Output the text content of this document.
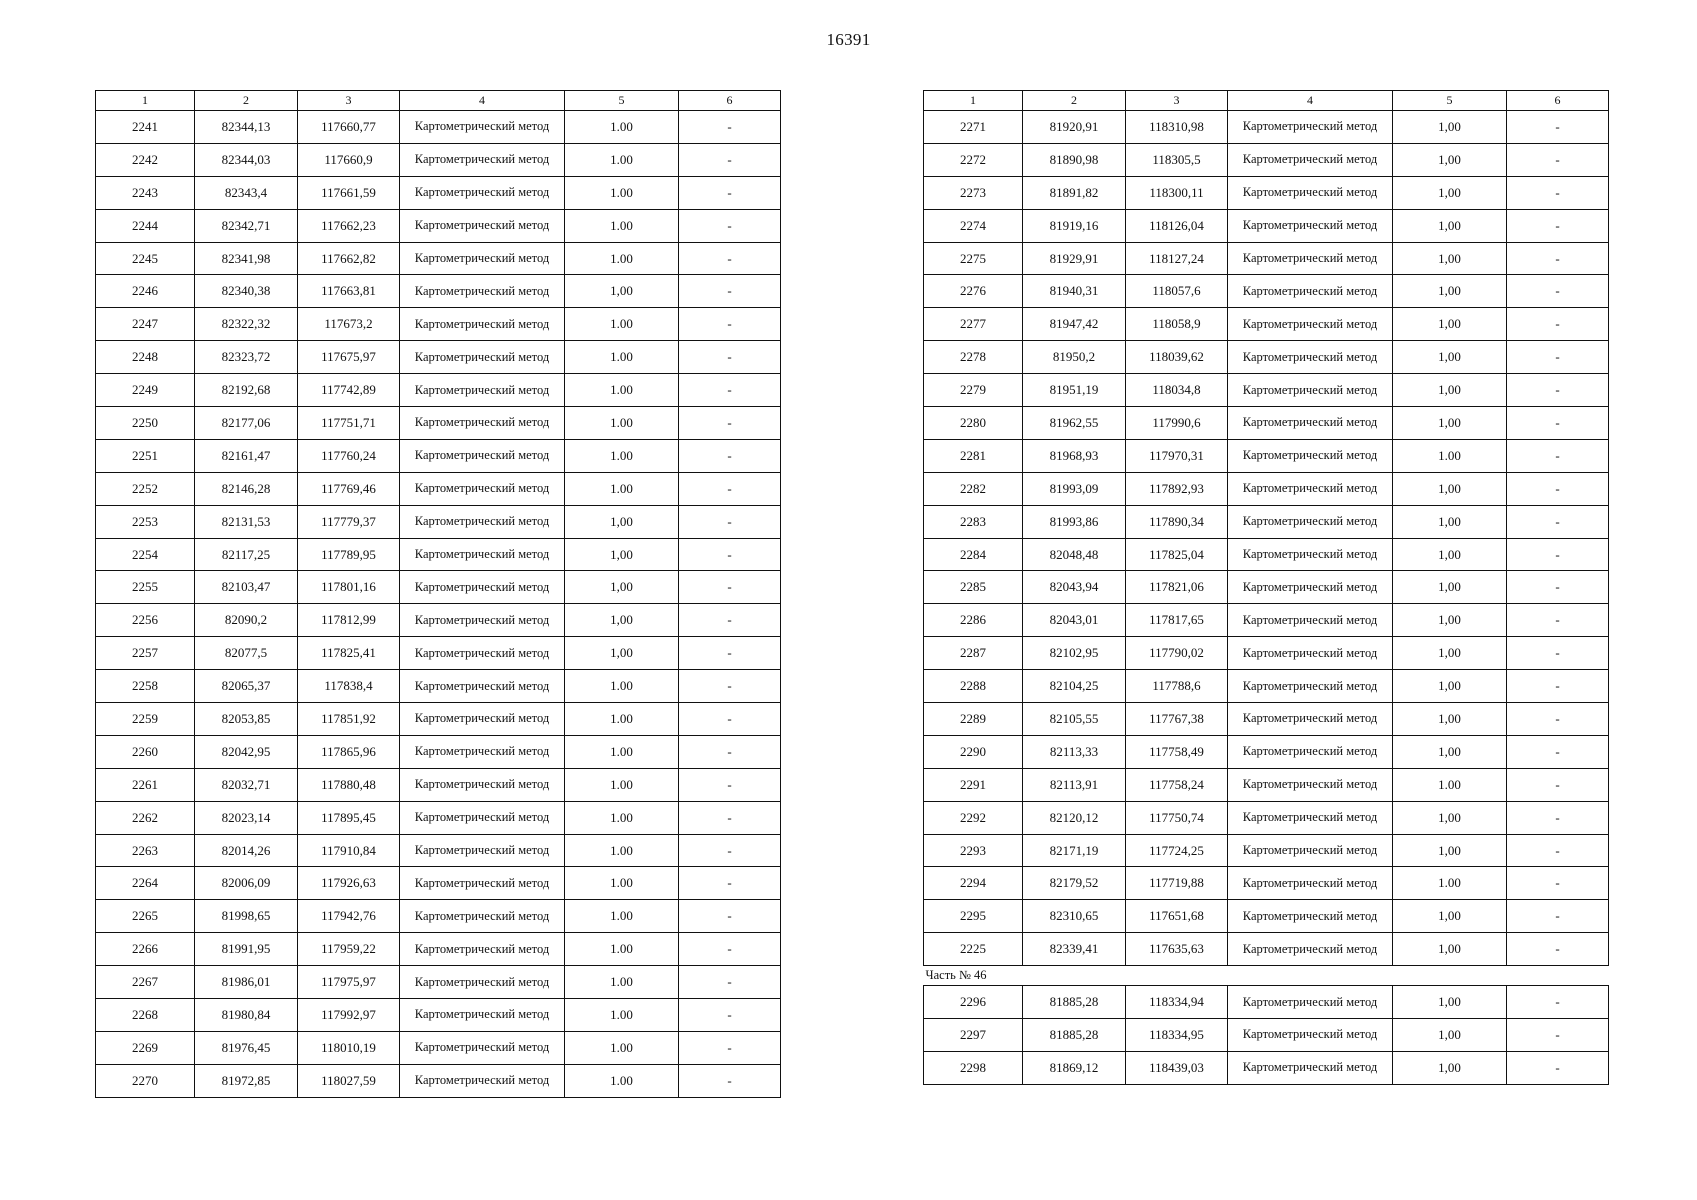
16391
1	2	3	4	5	6
2241	82344,13	117660,77	Картометрический метод	1.00	-
2242	82344,03	117660,9	Картометрический метод	1.00	-
2243	82343,4	117661,59	Картометрический метод	1.00	-
2244	82342,71	117662,23	Картометрический метод	1.00	-
2245	82341,98	117662,82	Картометрический метод	1.00	-
2246	82340,38	117663,81	Картометрический метод	1,00	-
2247	82322,32	117673,2	Картометрический метод	1.00	-
2248	82323,72	117675,97	Картометрический метод	1.00	-
2249	82192,68	117742,89	Картометрический метод	1.00	-
2250	82177,06	117751,71	Картометрический метод	1.00	-
2251	82161,47	117760,24	Картометрический метод	1.00	-
2252	82146,28	117769,46	Картометрический метод	1.00	-
2253	82131,53	117779,37	Картометрический метод	1,00	-
2254	82117,25	117789,95	Картометрический метод	1,00	-
2255	82103,47	117801,16	Картометрический метод	1,00	-
2256	82090,2	117812,99	Картометрический метод	1,00	-
2257	82077,5	117825,41	Картометрический метод	1,00	-
2258	82065,37	117838,4	Картометрический метод	1.00	-
2259	82053,85	117851,92	Картометрический метод	1.00	-
2260	82042,95	117865,96	Картометрический метод	1.00	-
2261	82032,71	117880,48	Картометрический метод	1.00	-
2262	82023,14	117895,45	Картометрический метод	1.00	-
2263	82014,26	117910,84	Картометрический метод	1.00	-
2264	82006,09	117926,63	Картометрический метод	1.00	-
2265	81998,65	117942,76	Картометрический метод	1.00	-
2266	81991,95	117959,22	Картометрический метод	1.00	-
2267	81986,01	117975,97	Картометрический метод	1.00	-
2268	81980,84	117992,97	Картометрический метод	1.00	-
2269	81976,45	118010,19	Картометрический метод	1.00	-
2270	81972,85	118027,59	Картометрический метод	1.00	-
1	2	3	4	5	6
2271	81920,91	118310,98	Картометрический метод	1,00	-
2272	81890,98	118305,5	Картометрический метод	1,00	-
2273	81891,82	118300,11	Картометрический метод	1,00	-
2274	81919,16	118126,04	Картометрический метод	1,00	-
2275	81929,91	118127,24	Картометрический метод	1,00	-
2276	81940,31	118057,6	Картометрический метод	1,00	-
2277	81947,42	118058,9	Картометрический метод	1,00	-
2278	81950,2	118039,62	Картометрический метод	1,00	-
2279	81951,19	118034,8	Картометрический метод	1,00	-
2280	81962,55	117990,6	Картометрический метод	1,00	-
2281	81968,93	117970,31	Картометрический метод	1.00	-
2282	81993,09	117892,93	Картометрический метод	1,00	-
2283	81993,86	117890,34	Картометрический метод	1,00	-
2284	82048,48	117825,04	Картометрический метод	1,00	-
2285	82043,94	117821,06	Картометрический метод	1,00	-
2286	82043,01	117817,65	Картометрический метод	1,00	-
2287	82102,95	117790,02	Картометрический метод	1,00	-
2288	82104,25	117788,6	Картометрический метод	1,00	-
2289	82105,55	117767,38	Картометрический метод	1,00	-
2290	82113,33	117758,49	Картометрический метод	1,00	-
2291	82113,91	117758,24	Картометрический метод	1.00	-
2292	82120,12	117750,74	Картометрический метод	1,00	-
2293	82171,19	117724,25	Картометрический метод	1,00	-
2294	82179,52	117719,88	Картометрический метод	1.00	-
2295	82310,65	117651,68	Картометрический метод	1,00	-
2225	82339,41	117635,63	Картометрический метод	1,00	-
Часть № 46					
2296	81885,28	118334,94	Картометрический метод	1,00	-
2297	81885,28	118334,95	Картометрический метод	1,00	-
2298	81869,12	118439,03	Картометрический метод	1,00	-
